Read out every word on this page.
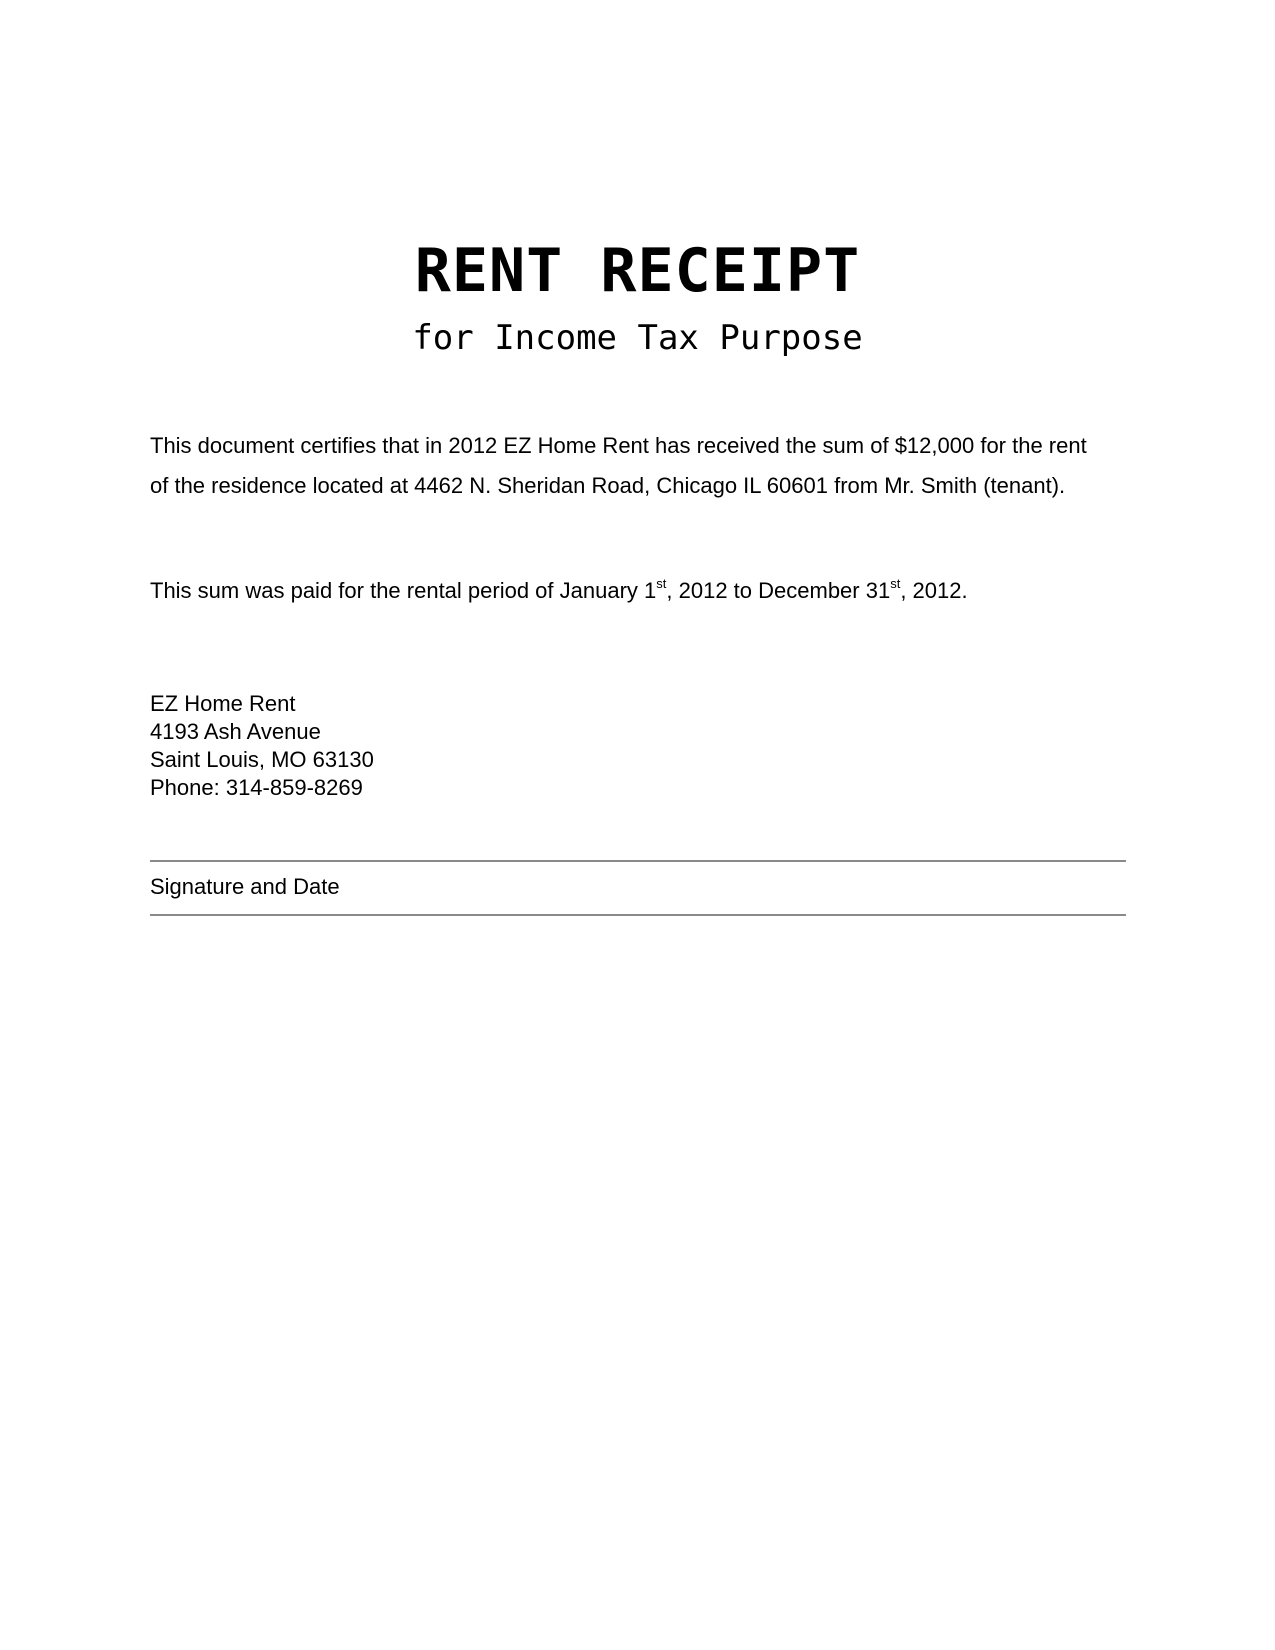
RENT RECEIPT
for Income Tax Purpose
This document certifies that in 2012 EZ Home Rent has received the sum of $12,000 for the rent of the residence located at 4462 N. Sheridan Road, Chicago IL 60601 from Mr. Smith (tenant).
This sum was paid for the rental period of January 1st, 2012 to December 31st, 2012.
EZ Home Rent
4193 Ash Avenue
Saint Louis, MO 63130
Phone: 314-859-8269
Signature and Date
